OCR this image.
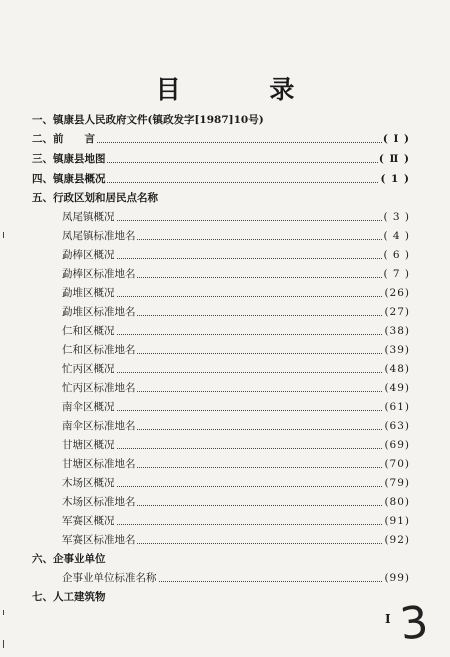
目 录
一、镇康县人民政府文件(镇政发字[1987]10号)
二、前　　言	( I )
三、镇康县地图	( Ⅱ )
四、镇康县概况	( 1 )
五、行政区划和居民点名称
凤尾镇概况	( 3 )
凤尾镇标准地名	( 4 )
勐棒区概况	( 6 )
勐棒区标准地名	( 7 )
勐堆区概况	(26)
勐堆区标准地名	(27)
仁和区概况	(38)
仁和区标准地名	(39)
忙丙区概况	(48)
忙丙区标准地名	(49)
南伞区概况	(61)
南伞区标准地名	(63)
甘塘区概况	(69)
甘塘区标准地名	(70)
木场区概况	(79)
木场区标准地名	(80)
军赛区概况	(91)
军赛区标准地名	(92)
六、企事业单位
企事业单位标准名称	(99)
七、人工建筑物
I 3
